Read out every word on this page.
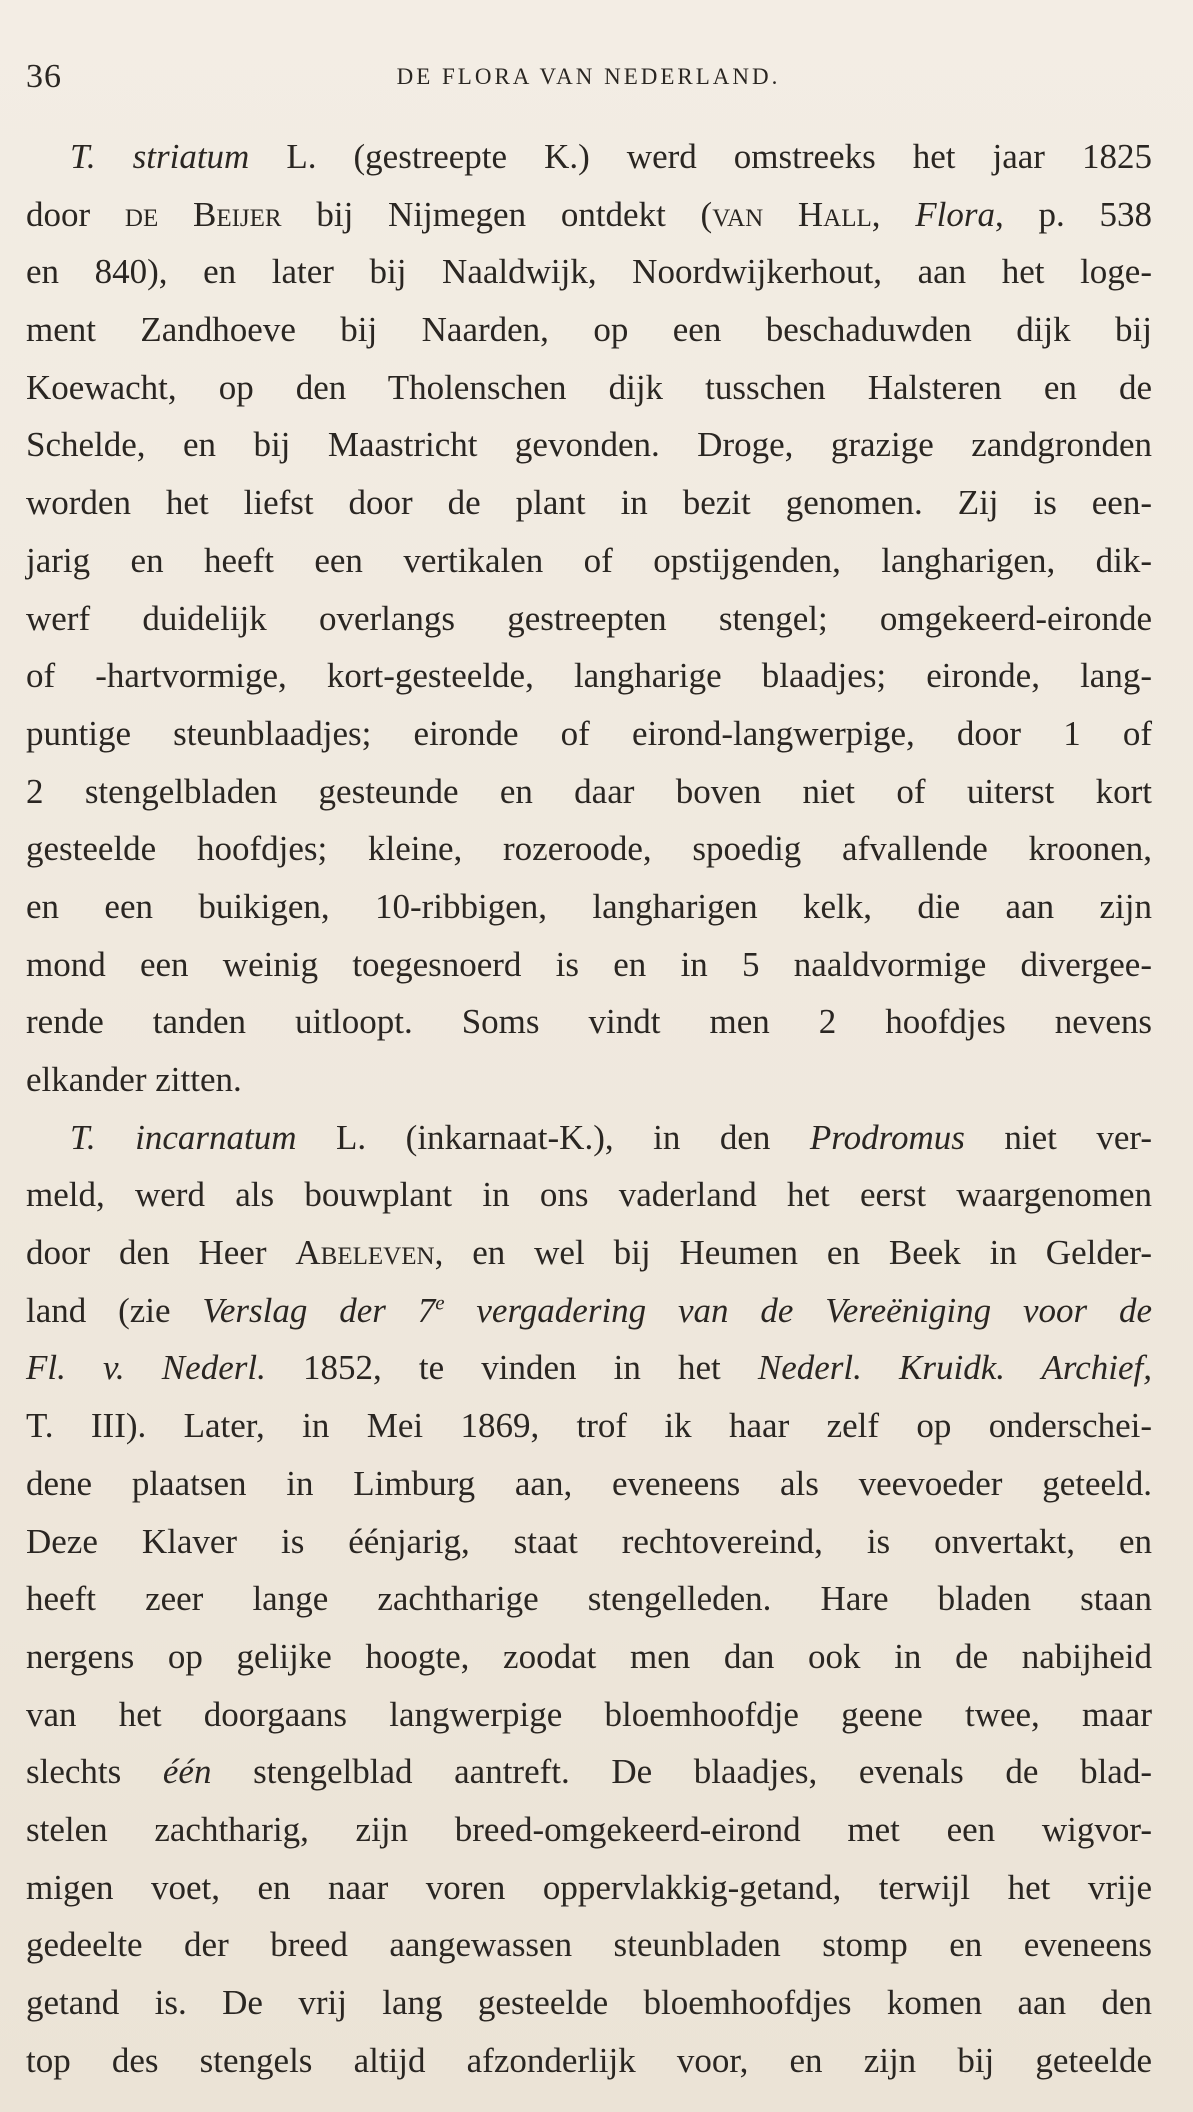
36	DE FLORA VAN NEDERLAND.
T. striatum L. (gestreepte K.) werd omstreeks het jaar 1825
door de Beijer bij Nijmegen ontdekt (van Hall, Flora, p. 538
en 840), en later bij Naaldwijk, Noordwijkerhout, aan het loge-
ment Zandhoeve bij Naarden, op een beschaduwden dijk bij
Koewacht, op den Tholenschen dijk tusschen Halsteren en de
Schelde, en bij Maastricht gevonden. Droge, grazige zandgronden
worden het liefst door de plant in bezit genomen. Zij is een-
jarig en heeft een vertikalen of opstijgenden, langharigen, dik-
werf duidelijk overlangs gestreepten stengel; omgekeerd-eironde
of -hartvormige, kort-gesteelde, langharige blaadjes; eironde, lang-
puntige steunblaadjes; eironde of eirond-langwerpige, door 1 of
2 stengelbladen gesteunde en daar boven niet of uiterst kort
gesteelde hoofdjes; kleine, rozeroode, spoedig afvallende kroonen,
en een buikigen, 10-ribbigen, langharigen kelk, die aan zijn
mond een weinig toegesnoerd is en in 5 naaldvormige divergee-
rende tanden uitloopt. Soms vindt men 2 hoofdjes nevens
elkander zitten.
T. incarnatum L. (inkarnaat-K.), in den Prodromus niet ver-
meld, werd als bouwplant in ons vaderland het eerst waargenomen
door den Heer Abeleven, en wel bij Heumen en Beek in Gelder-
land (zie Verslag der 7e vergadering van de Vereëniging voor de
Fl. v. Nederl. 1852, te vinden in het Nederl. Kruidk. Archief,
T. III). Later, in Mei 1869, trof ik haar zelf op onderschei-
dene plaatsen in Limburg aan, eveneens als veevoeder geteeld.
Deze Klaver is éénjarig, staat rechtovereind, is onvertakt, en
heeft zeer lange zachtharige stengelleden. Hare bladen staan
nergens op gelijke hoogte, zoodat men dan ook in de nabijheid
van het doorgaans langwerpige bloemhoofdje geene twee, maar
slechts één stengelblad aantreft. De blaadjes, evenals de blad-
stelen zachtharig, zijn breed-omgekeerd-eirond met een wigvor-
migen voet, en naar voren oppervlakkig-getand, terwijl het vrije
gedeelte der breed aangewassen steunbladen stomp en eveneens
getand is. De vrij lang gesteelde bloemhoofdjes komen aan den
top des stengels altijd afzonderlijk voor, en zijn bij geteelde
